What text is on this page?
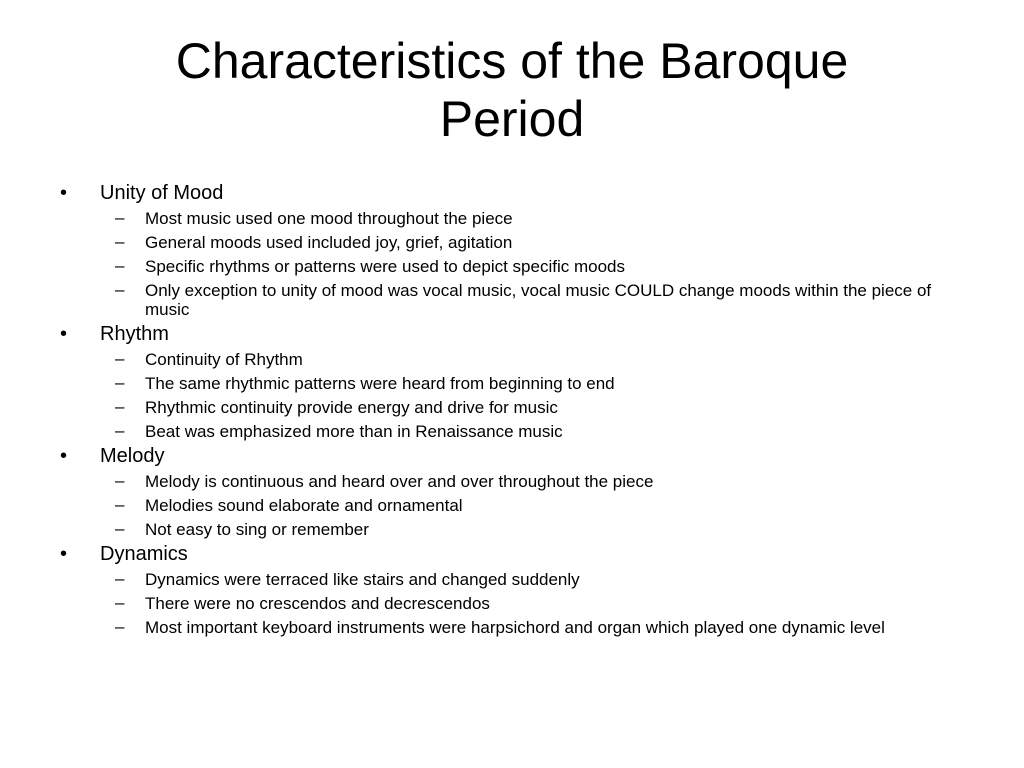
Characteristics of the Baroque
Period
• Unity of Mood
– Most music used one mood throughout the piece
– General moods used included joy, grief, agitation
– Specific rhythms or patterns were used to depict specific moods
– Only exception to unity of mood was vocal music, vocal music COULD change moods within the piece of music
• Rhythm
– Continuity of Rhythm
– The same rhythmic patterns were heard from beginning to end
– Rhythmic continuity provide energy and drive for music
– Beat was emphasized more than in Renaissance music
• Melody
– Melody is continuous and heard over and over throughout the piece
– Melodies sound elaborate and ornamental
– Not easy to sing or remember
• Dynamics
– Dynamics were terraced like stairs and changed suddenly
– There were no crescendos and decrescendos
– Most important keyboard instruments were harpsichord and organ which played one dynamic level
